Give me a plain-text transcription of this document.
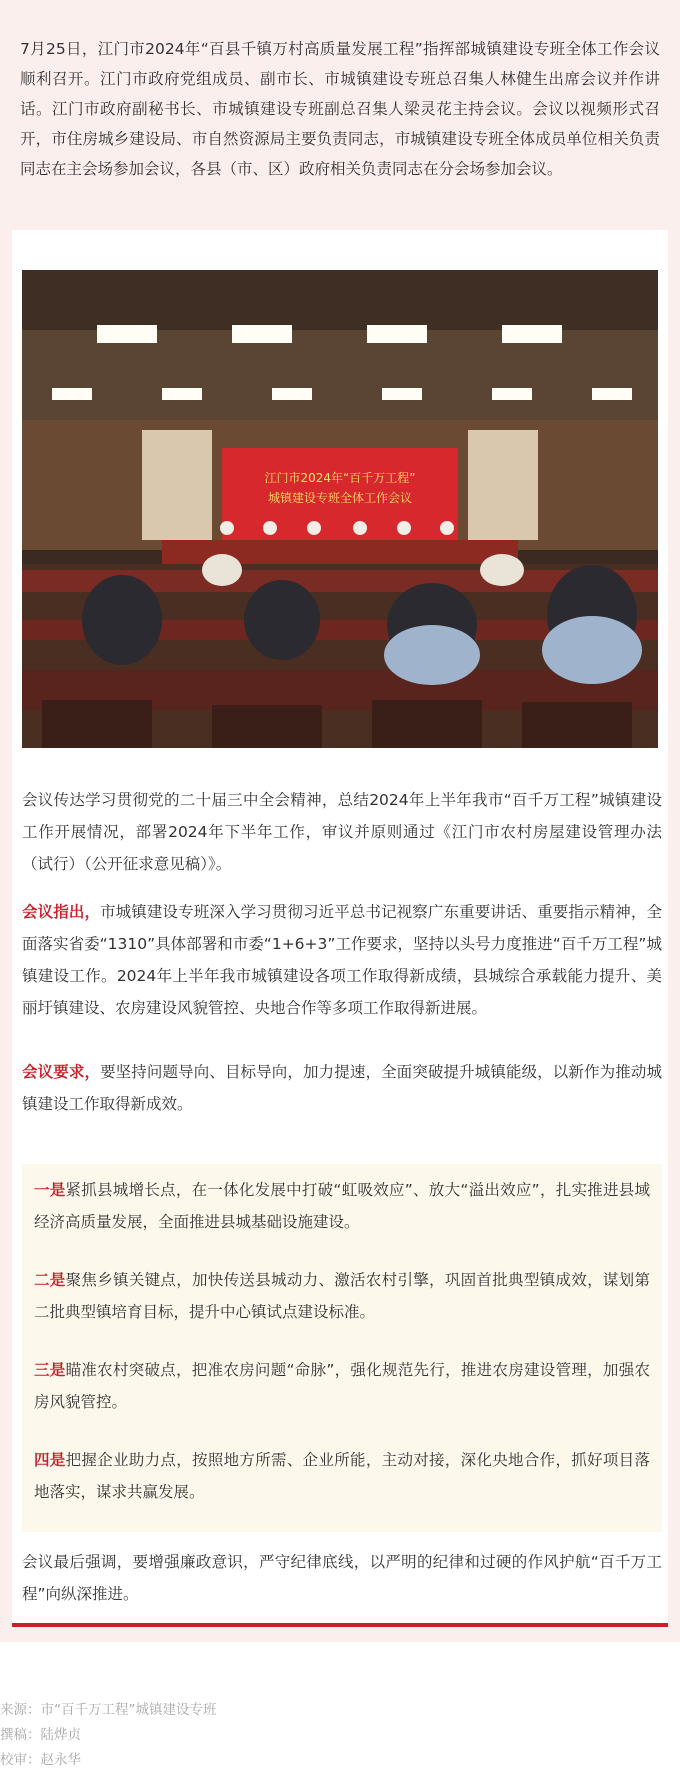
7月25日，江门市2024年“百县千镇万村高质量发展工程”指挥部城镇建设专班全体工作会议顺利召开。江门市政府党组成员、副市长、市城镇建设专班总召集人林健生出席会议并作讲话。江门市政府副秘书长、市城镇建设专班副总召集人梁灵花主持会议。会议以视频形式召开，市住房城乡建设局、市自然资源局主要负责同志，市城镇建设专班全体成员单位相关负责同志在主会场参加会议，各县（市、区）政府相关负责同志在分会场参加会议。
江门市2024年“百千万工程”
城镇建设专班全体工作会议
会议传达学习贯彻党的二十届三中全会精神，总结2024年上半年我市“百千万工程”城镇建设工作开展情况，部署2024年下半年工作，审议并原则通过《江门市农村房屋建设管理办法（试行）（公开征求意见稿）》。
会议指出，市城镇建设专班深入学习贯彻习近平总书记视察广东重要讲话、重要指示精神，全面落实省委“1310”具体部署和市委“1+6+3”工作要求，坚持以头号力度推进“百千万工程”城镇建设工作。2024年上半年我市城镇建设各项工作取得新成绩，县城综合承载能力提升、美丽圩镇建设、农房建设风貌管控、央地合作等多项工作取得新进展。
会议要求，要坚持问题导向、目标导向，加力提速，全面突破提升城镇能级，以新作为推动城镇建设工作取得新成效。
一是紧抓县城增长点，在一体化发展中打破“虹吸效应”、放大“溢出效应”，扎实推进县域经济高质量发展，全面推进县城基础设施建设。
二是聚焦乡镇关键点，加快传送县城动力、激活农村引擎，巩固首批典型镇成效，谋划第二批典型镇培育目标，提升中心镇试点建设标准。
三是瞄准农村突破点，把准农房问题“命脉”，强化规范先行，推进农房建设管理，加强农房风貌管控。
四是把握企业助力点，按照地方所需、企业所能，主动对接，深化央地合作，抓好项目落地落实，谋求共赢发展。
会议最后强调，要增强廉政意识，严守纪律底线，以严明的纪律和过硬的作风护航“百千万工程”向纵深推进。
来源：市“百千万工程”城镇建设专班
撰稿：陆烨贞
校审：赵永华
